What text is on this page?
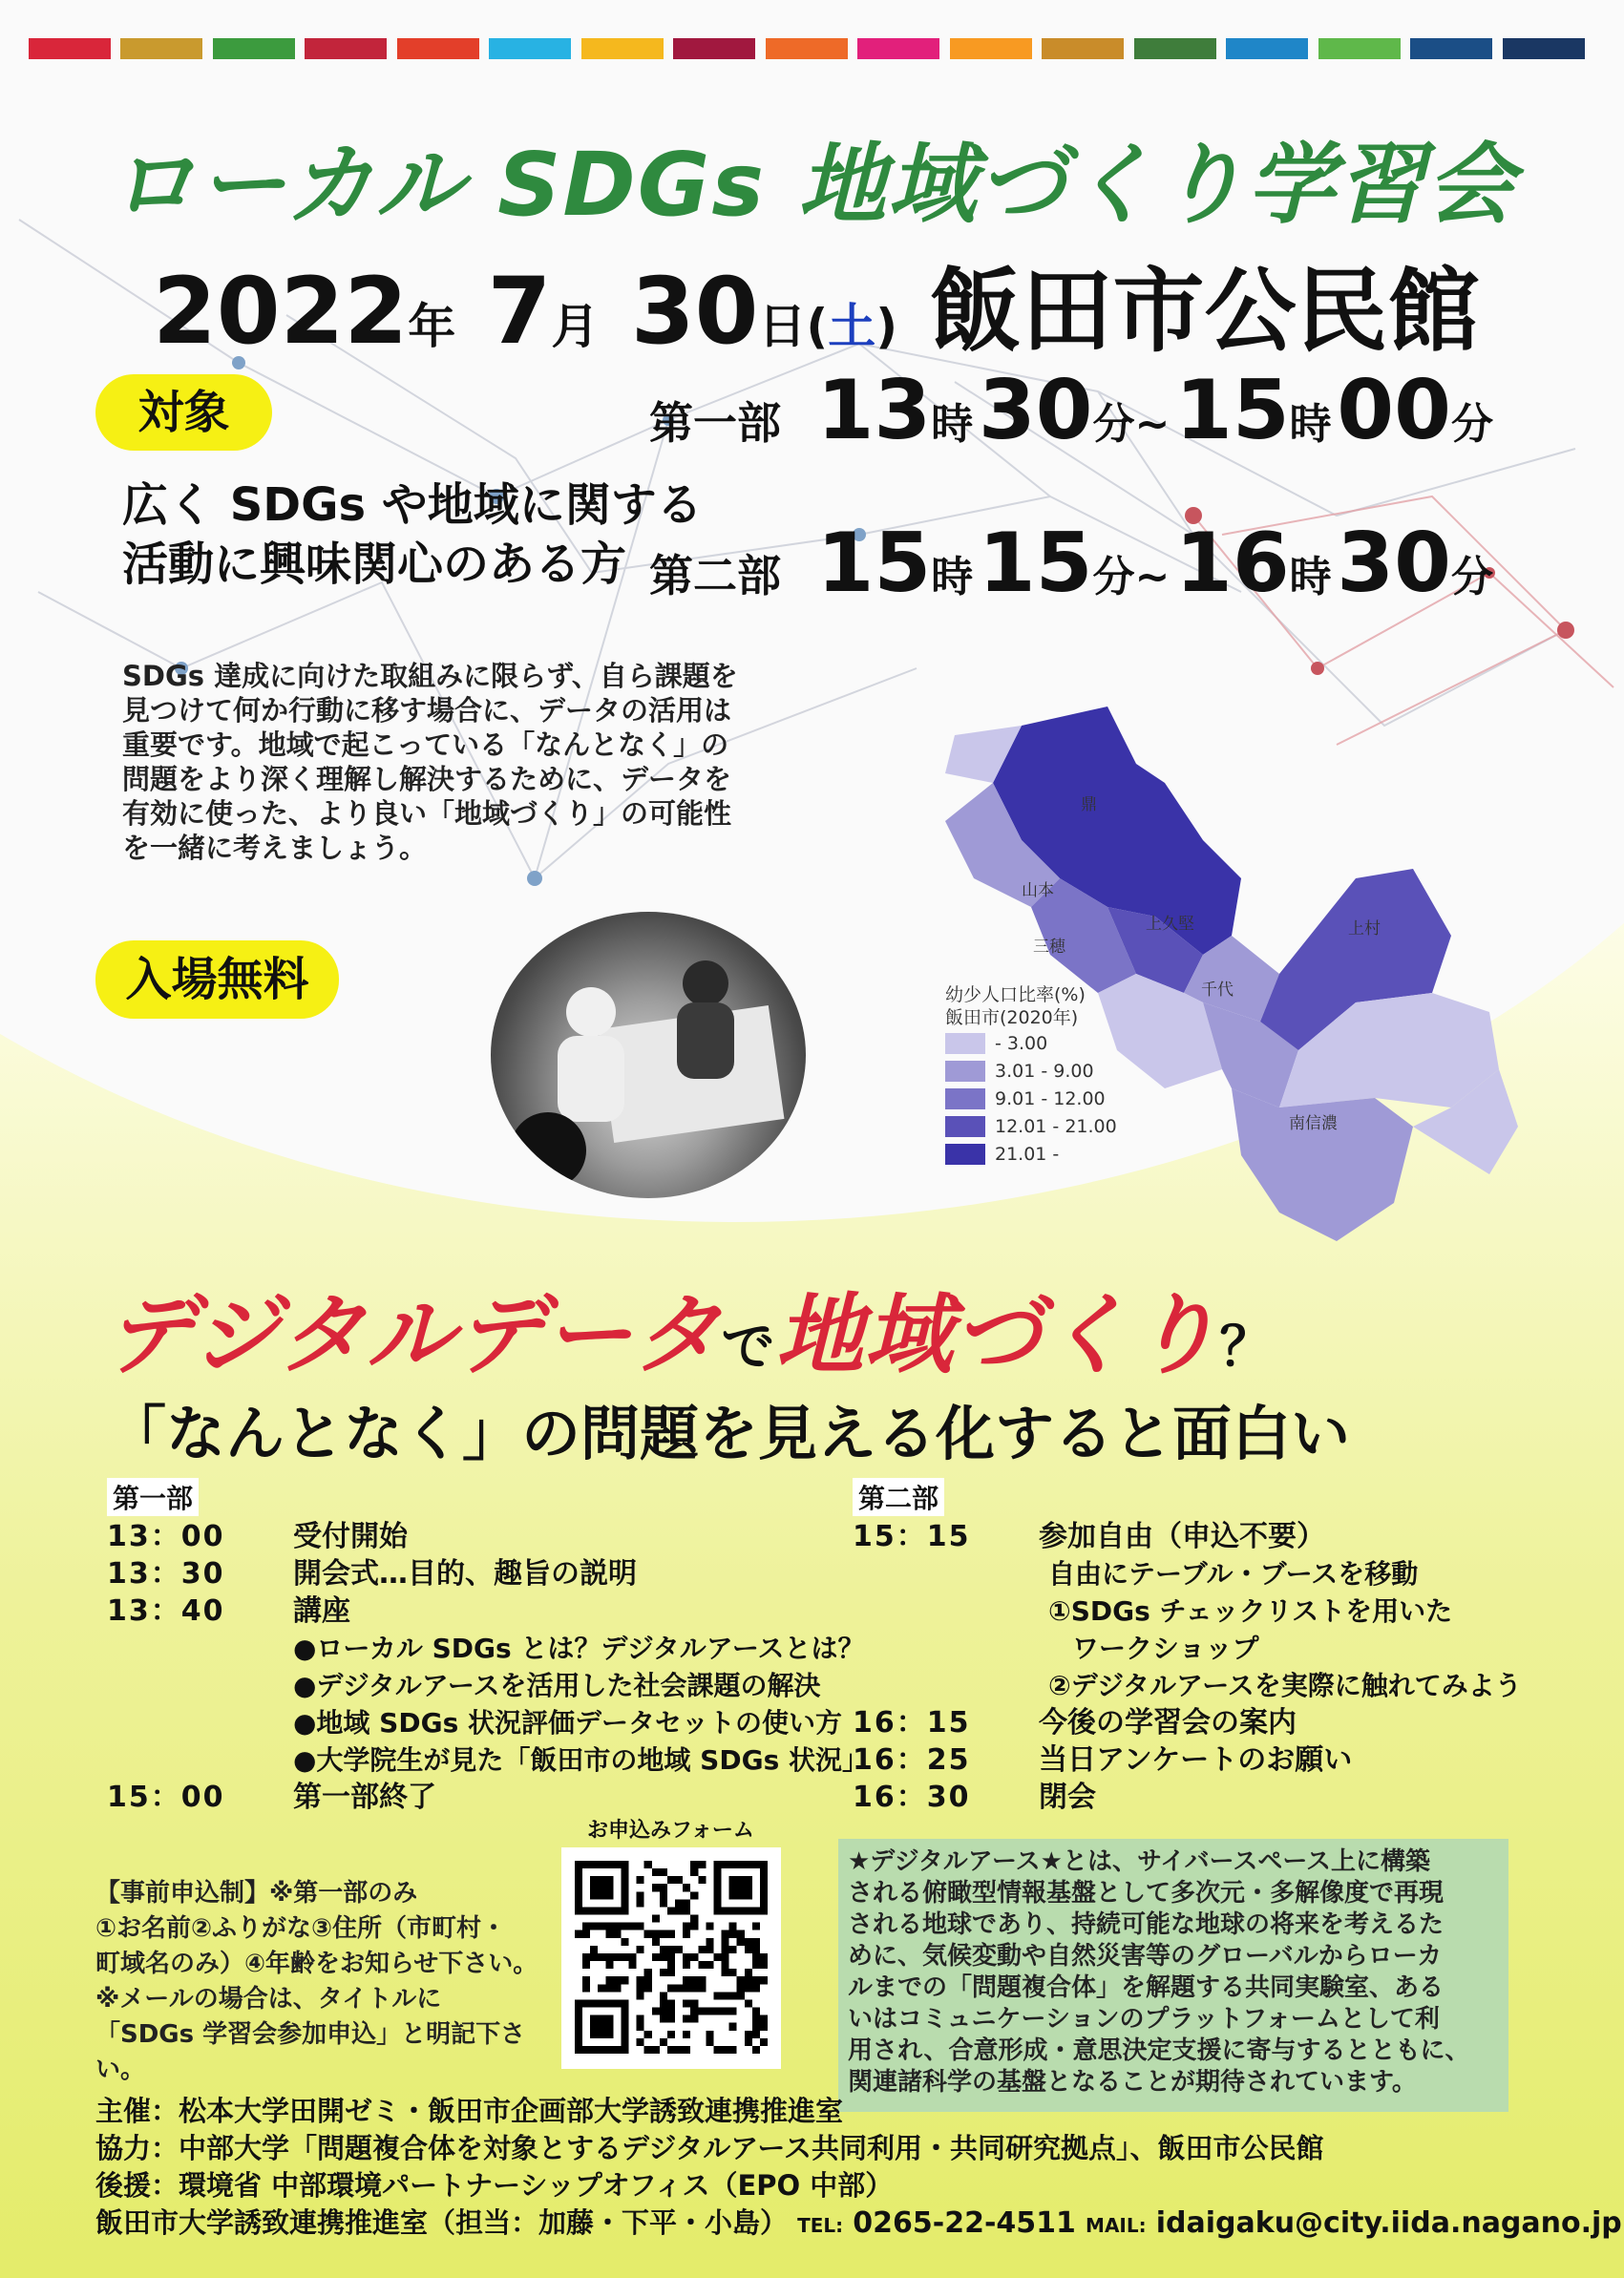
ローカル SDGs 地域づくり学習会
2022年 7月 30日(土) 飯田市公民館
対象
広く SDGs や地域に関する
活動に興味関心のある方
第一部 13時 30分~ 15時 00分
第二部 15時 15分~ 16時 30分
SDGs 達成に向けた取組みに限らず、自ら課題を
見つけて何か行動に移す場合に、データの活用は
重要です。地域で起こっている「なんとなく」の
問題をより深く理解し解決するために、データを
有効に使った、より良い「地域づくり」の可能性
を一緒に考えましょう。
入場無料
鼎
山本
三穂
上久堅
千代
上村
南信濃
幼少人口比率(%)
飯田市(2020年)
- 3.00
3.01 - 9.00
9.01 - 12.00
12.01 - 21.00
21.01 -
デジタルデータで地域づくり？
「なんとなく」の問題を見える化すると面白い
第一部
13：00	受付開始
13：30	開会式…目的、趣旨の説明
13：40	講座
●ローカル SDGs とは？デジタルアースとは？
●デジタルアースを活用した社会課題の解決
●地域 SDGs 状況評価データセットの使い方
●大学院生が見た「飯田市の地域 SDGs 状況」
15：00	第一部終了
第二部
15：15	参加自由（申込不要）
自由にテーブル・ブースを移動
①SDGs チェックリストを用いた
ワークショップ
②デジタルアースを実際に触れてみよう
16：15	今後の学習会の案内
16：25	当日アンケートのお願い
16：30	閉会
【事前申込制】※第一部のみ
①お名前②ふりがな③住所（市町村・
町域名のみ）④年齢をお知らせ下さい。
※メールの場合は、タイトルに
「SDGs 学習会参加申込」と明記下さい。
お申込みフォーム
★デジタルアース★とは、サイバースペース上に構築
される俯瞰型情報基盤として多次元・多解像度で再現
される地球であり、持続可能な地球の将来を考えるた
めに、気候変動や自然災害等のグローバルからローカ
ルまでの「問題複合体」を解題する共同実験室、ある
いはコミュニケーションのプラットフォームとして利
用され、合意形成・意思決定支援に寄与するとともに、
関連諸科学の基盤となることが期待されています。
主催：松本大学田開ゼミ・飯田市企画部大学誘致連携推進室
協力：中部大学「問題複合体を対象とするデジタルアース共同利用・共同研究拠点」、飯田市公民館
後援：環境省 中部環境パートナーシップオフィス（EPO 中部）
飯田市大学誘致連携推進室（担当：加藤・下平・小島） TEL: 0265-22-4511 MAIL: idaigaku@city.iida.nagano.jp
